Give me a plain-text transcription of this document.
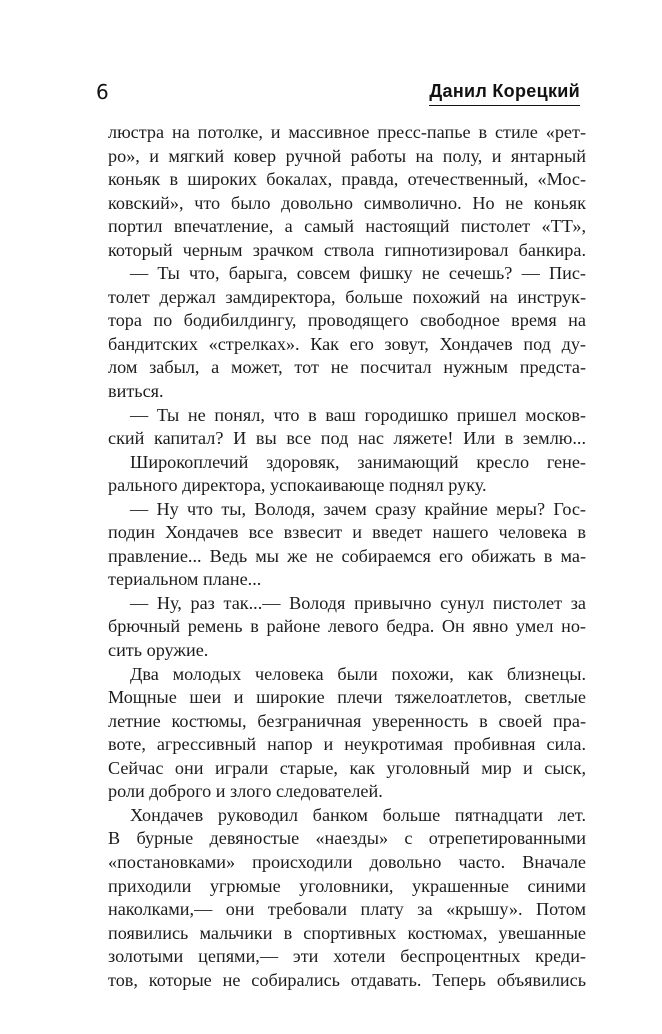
6	Данил Корецкий
люстра на потолке, и массивное пресс-папье в стиле «рет-
ро», и мягкий ковер ручной работы на полу, и янтарный
коньяк в широких бокалах, правда, отечественный, «Мос-
ковский», что было довольно символично. Но не коньяк
портил впечатление, а самый настоящий пистолет «ТТ»,
который черным зрачком ствола гипнотизировал банкира.
— Ты что, барыга, совсем фишку не сечешь? — Пис-
толет держал замдиректора, больше похожий на инструк-
тора по бодибилдингу, проводящего свободное время на
бандитских «стрелках». Как его зовут, Хондачев под ду-
лом забыл, а может, тот не посчитал нужным предста-
виться.
— Ты не понял, что в ваш городишко пришел москов-
ский капитал? И вы все под нас ляжете! Или в землю...
Широкоплечий здоровяк, занимающий кресло гене-
рального директора, успокаивающе поднял руку.
— Ну что ты, Володя, зачем сразу крайние меры? Гос-
подин Хондачев все взвесит и введет нашего человека в
правление... Ведь мы же не собираемся его обижать в ма-
териальном плане...
— Ну, раз так...— Володя привычно сунул пистолет за
брючный ремень в районе левого бедра. Он явно умел но-
сить оружие.
Два молодых человека были похожи, как близнецы.
Мощные шеи и широкие плечи тяжелоатлетов, светлые
летние костюмы, безграничная уверенность в своей пра-
воте, агрессивный напор и неукротимая пробивная сила.
Сейчас они играли старые, как уголовный мир и сыск,
роли доброго и злого следователей.
Хондачев руководил банком больше пятнадцати лет.
В бурные девяностые «наезды» с отрепетированными
«постановками» происходили довольно часто. Вначале
приходили угрюмые уголовники, украшенные синими
наколками,— они требовали плату за «крышу». Потом
появились мальчики в спортивных костюмах, увешанные
золотыми цепями,— эти хотели беспроцентных креди-
тов, которые не собирались отдавать. Теперь объявились
